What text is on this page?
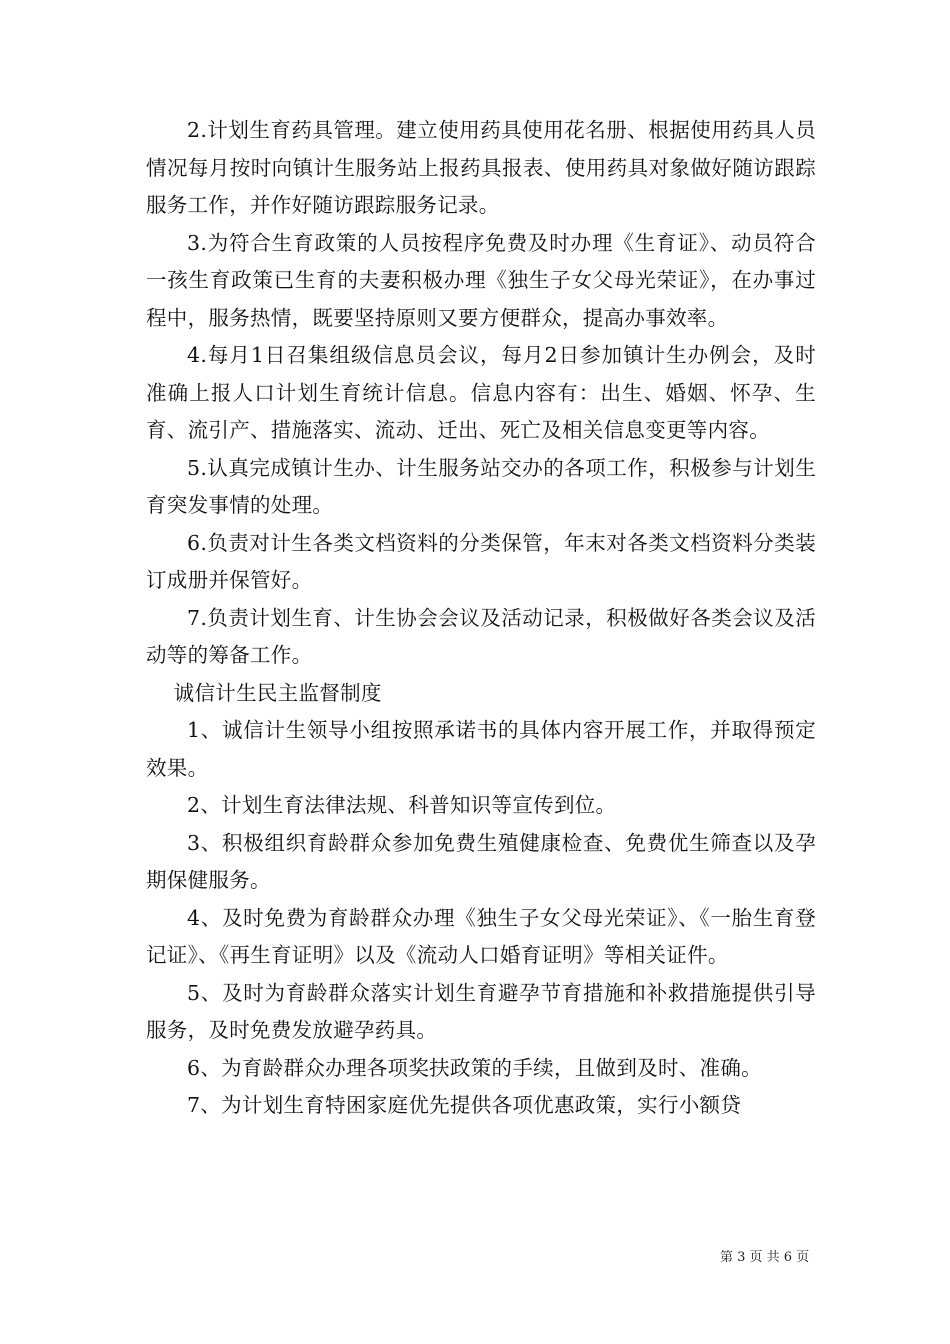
2.计划生育药具管理。建立使用药具使用花名册、根据使用药具人员情况每月按时向镇计生服务站上报药具报表、使用药具对象做好随访跟踪服务工作，并作好随访跟踪服务记录。

3.为符合生育政策的人员按程序免费及时办理《生育证》、动员符合一孩生育政策已生育的夫妻积极办理《独生子女父母光荣证》，在办事过程中，服务热情，既要坚持原则又要方便群众，提高办事效率。

4.每月1日召集组级信息员会议，每月2日参加镇计生办例会，及时准确上报人口计划生育统计信息。信息内容有：出生、婚姻、怀孕、生育、流引产、措施落实、流动、迁出、死亡及相关信息变更等内容。

5.认真完成镇计生办、计生服务站交办的各项工作，积极参与计划生育突发事情的处理。

6.负责对计生各类文档资料的分类保管，年末对各类文档资料分类装订成册并保管好。

7.负责计划生育、计生协会会议及活动记录，积极做好各类会议及活动等的筹备工作。

诚信计生民主监督制度

1、诚信计生领导小组按照承诺书的具体内容开展工作，并取得预定效果。

2、计划生育法律法规、科普知识等宣传到位。

3、积极组织育龄群众参加免费生殖健康检查、免费优生筛查以及孕期保健服务。

4、及时免费为育龄群众办理《独生子女父母光荣证》、《一胎生育登记证》、《再生育证明》以及《流动人口婚育证明》等相关证件。

5、及时为育龄群众落实计划生育避孕节育措施和补救措施提供引导服务，及时免费发放避孕药具。

6、为育龄群众办理各项奖扶政策的手续，且做到及时、准确。

7、为计划生育特困家庭优先提供各项优惠政策，实行小额贷

第 3 页 共 6 页
